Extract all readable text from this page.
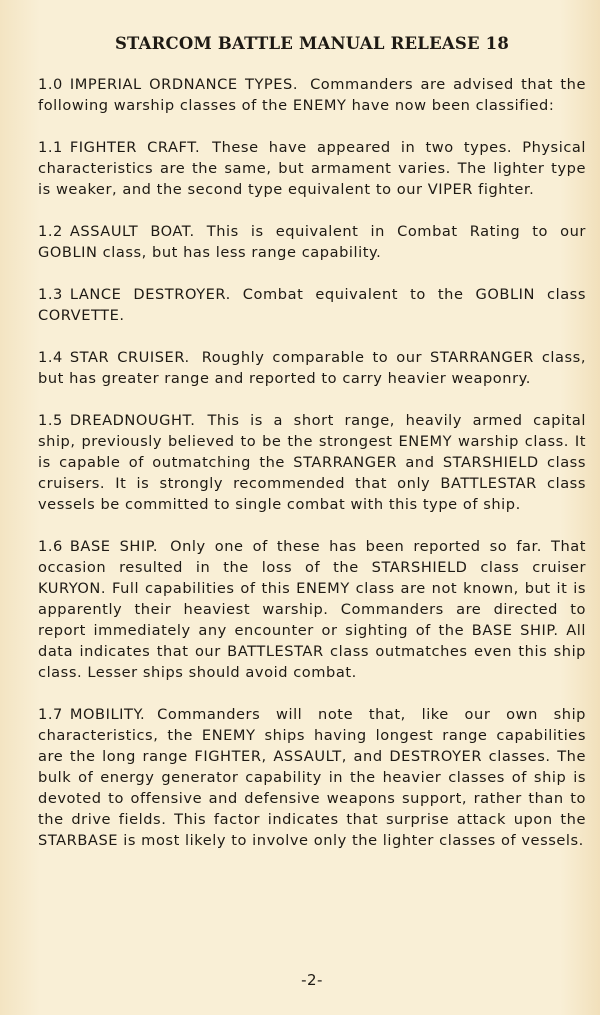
STARCOM BATTLE MANUAL RELEASE 18

1.0 IMPERIAL ORDNANCE TYPES. Commanders are advised that the following warship classes of the ENEMY have now been classified:

1.1 FIGHTER CRAFT. These have appeared in two types. Physical characteristics are the same, but armament varies. The lighter type is weaker, and the second type equivalent to our VIPER fighter.

1.2 ASSAULT BOAT. This is equivalent in Combat Rating to our GOBLIN class, but has less range capability.

1.3 LANCE DESTROYER. Combat equivalent to the GOBLIN class CORVETTE.

1.4 STAR CRUISER. Roughly comparable to our STARRANGER class, but has greater range and reported to carry heavier weaponry.

1.5 DREADNOUGHT. This is a short range, heavily armed capital ship, previously believed to be the strongest ENEMY warship class. It is capable of outmatching the STARRANGER and STARSHIELD class cruisers. It is strongly recommended that only BATTLESTAR class vessels be committed to single combat with this type of ship.

1.6 BASE SHIP. Only one of these has been reported so far. That occasion resulted in the loss of the STARSHIELD class cruiser KURYON. Full capabilities of this ENEMY class are not known, but it is apparently their heaviest warship. Commanders are directed to report immediately any encounter or sighting of the BASE SHIP. All data indicates that our BATTLESTAR class outmatches even this ship class. Lesser ships should avoid combat.

1.7 MOBILITY. Commanders will note that, like our own ship characteristics, the ENEMY ships having longest range capabilities are the long range FIGHTER, ASSAULT, and DESTROYER classes. The bulk of energy generator capability in the heavier classes of ship is devoted to offensive and defensive weapons support, rather than to the drive fields. This factor indicates that surprise attack upon the STARBASE is most likely to involve only the lighter classes of vessels.

-2-
